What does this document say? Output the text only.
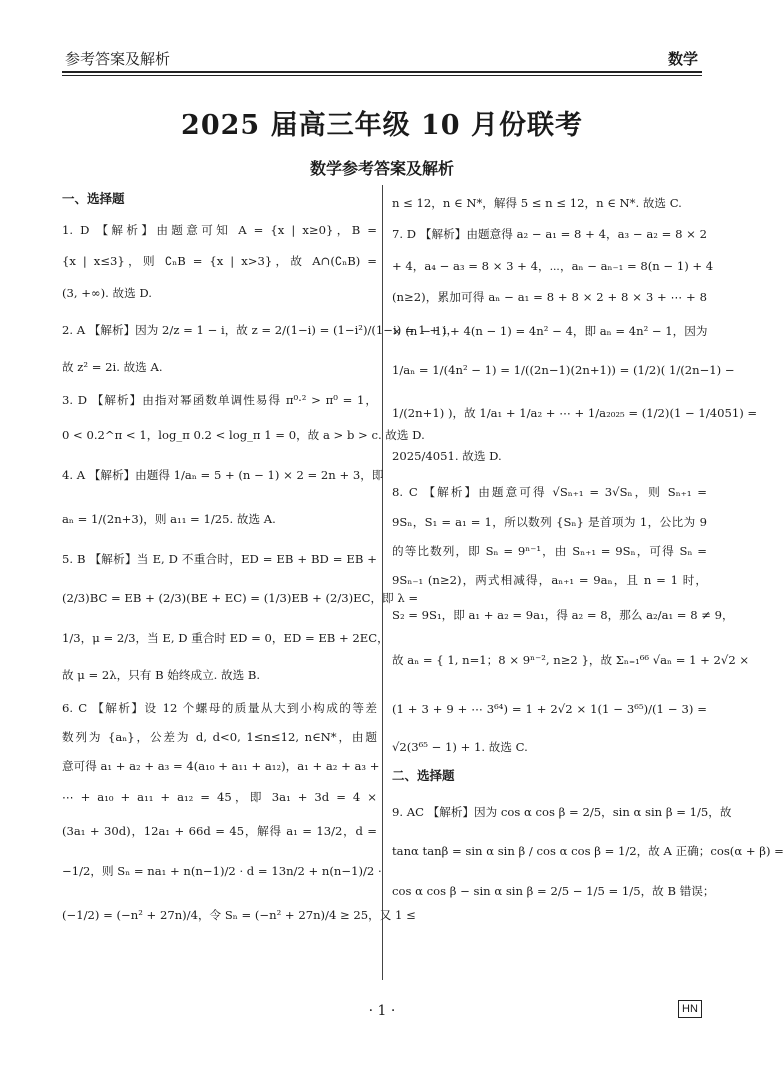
参考答案及解析	数学
2025 届高三年级 10 月份联考
数学参考答案及解析
一、选择题
1. D 【解析】由题意可知 A = {x | x≥0}，B =
{x | x≤3}，则 ∁ₙB = {x | x>3}，故 A∩(∁ₙB) =
(3, +∞). 故选 D.
2. A 【解析】因为 2/z = 1 − i，故 z = 2/(1−i) = (1−i²)/(1−i) = 1 + i，
故 z² = 2i. 故选 A.
3. D 【解析】由指对幂函数单调性易得 π⁰·² > π⁰ = 1，
0 < 0.2^π < 1，log_π 0.2 < log_π 1 = 0，故 a > b > c. 故选 D.
4. A 【解析】由题得 1/aₙ = 5 + (n − 1) × 2 = 2n + 3，即
aₙ = 1/(2n+3)，则 a₁₁ = 1/25. 故选 A.
5. B 【解析】当 E, D 不重合时，ED = EB + BD = EB +
(2/3)BC = EB + (2/3)(BE + EC) = (1/3)EB + (2/3)EC，即 λ =
1/3，μ = 2/3，当 E, D 重合时 ED = 0，ED = EB + 2EC，
故 μ = 2λ，只有 B 始终成立. 故选 B.
6. C 【解析】设 12 个螺母的质量从大到小构成的等差
数列为 {aₙ}，公差为 d, d<0, 1≤n≤12, n∈N*，由题
意可得 a₁ + a₂ + a₃ = 4(a₁₀ + a₁₁ + a₁₂)，a₁ + a₂ + a₃ +
⋯ + a₁₀ + a₁₁ + a₁₂ = 45，即 3a₁ + 3d = 4 ×
(3a₁ + 30d)，12a₁ + 66d = 45，解得 a₁ = 13/2，d =
−1/2，则 Sₙ = na₁ + n(n−1)/2 · d = 13n/2 + n(n−1)/2 ·
(−1/2) = (−n² + 27n)/4，令 Sₙ = (−n² + 27n)/4 ≥ 25，又 1 ≤
n ≤ 12，n ∈ N*，解得 5 ≤ n ≤ 12，n ∈ N*. 故选 C.
7. D 【解析】由题意得 a₂ − a₁ = 8 + 4，a₃ − a₂ = 8 × 2
+ 4，a₄ − a₃ = 8 × 3 + 4，⋯，aₙ − aₙ₋₁ = 8(n − 1) + 4
(n≥2)，累加可得 aₙ − a₁ = 8 + 8 × 2 + 8 × 3 + ⋯ + 8
× (n − 1) + 4(n − 1) = 4n² − 4，即 aₙ = 4n² − 1，因为
1/aₙ = 1/(4n² − 1) = 1/((2n−1)(2n+1)) = (1/2)( 1/(2n−1) −
1/(2n+1) )，故 1/a₁ + 1/a₂ + ⋯ + 1/a₂₀₂₅ = (1/2)(1 − 1/4051) =
2025/4051. 故选 D.
8. C 【解析】由题意可得 √Sₙ₊₁ = 3√Sₙ，则 Sₙ₊₁ =
9Sₙ，S₁ = a₁ = 1，所以数列 {Sₙ} 是首项为 1，公比为 9
的等比数列，即 Sₙ = 9ⁿ⁻¹，由 Sₙ₊₁ = 9Sₙ，可得 Sₙ =
9Sₙ₋₁ (n≥2)，两式相减得，aₙ₊₁ = 9aₙ，且 n = 1 时，
S₂ = 9S₁，即 a₁ + a₂ = 9a₁，得 a₂ = 8，那么 a₂/a₁ = 8 ≠ 9，
故 aₙ = { 1, n=1；8 × 9ⁿ⁻², n≥2 }，故 Σₙ₌₁⁶⁶ √aₙ = 1 + 2√2 ×
(1 + 3 + 9 + ⋯ 3⁶⁴) = 1 + 2√2 × 1(1 − 3⁶⁵)/(1 − 3) =
√2(3⁶⁵ − 1) + 1. 故选 C.
二、选择题
9. AC 【解析】因为 cos α cos β = 2/5，sin α sin β = 1/5，故
tanα tanβ = sin α sin β / cos α cos β = 1/2，故 A 正确；cos(α + β) =
cos α cos β − sin α sin β = 2/5 − 1/5 = 1/5，故 B 错误；
· 1 ·	HN
